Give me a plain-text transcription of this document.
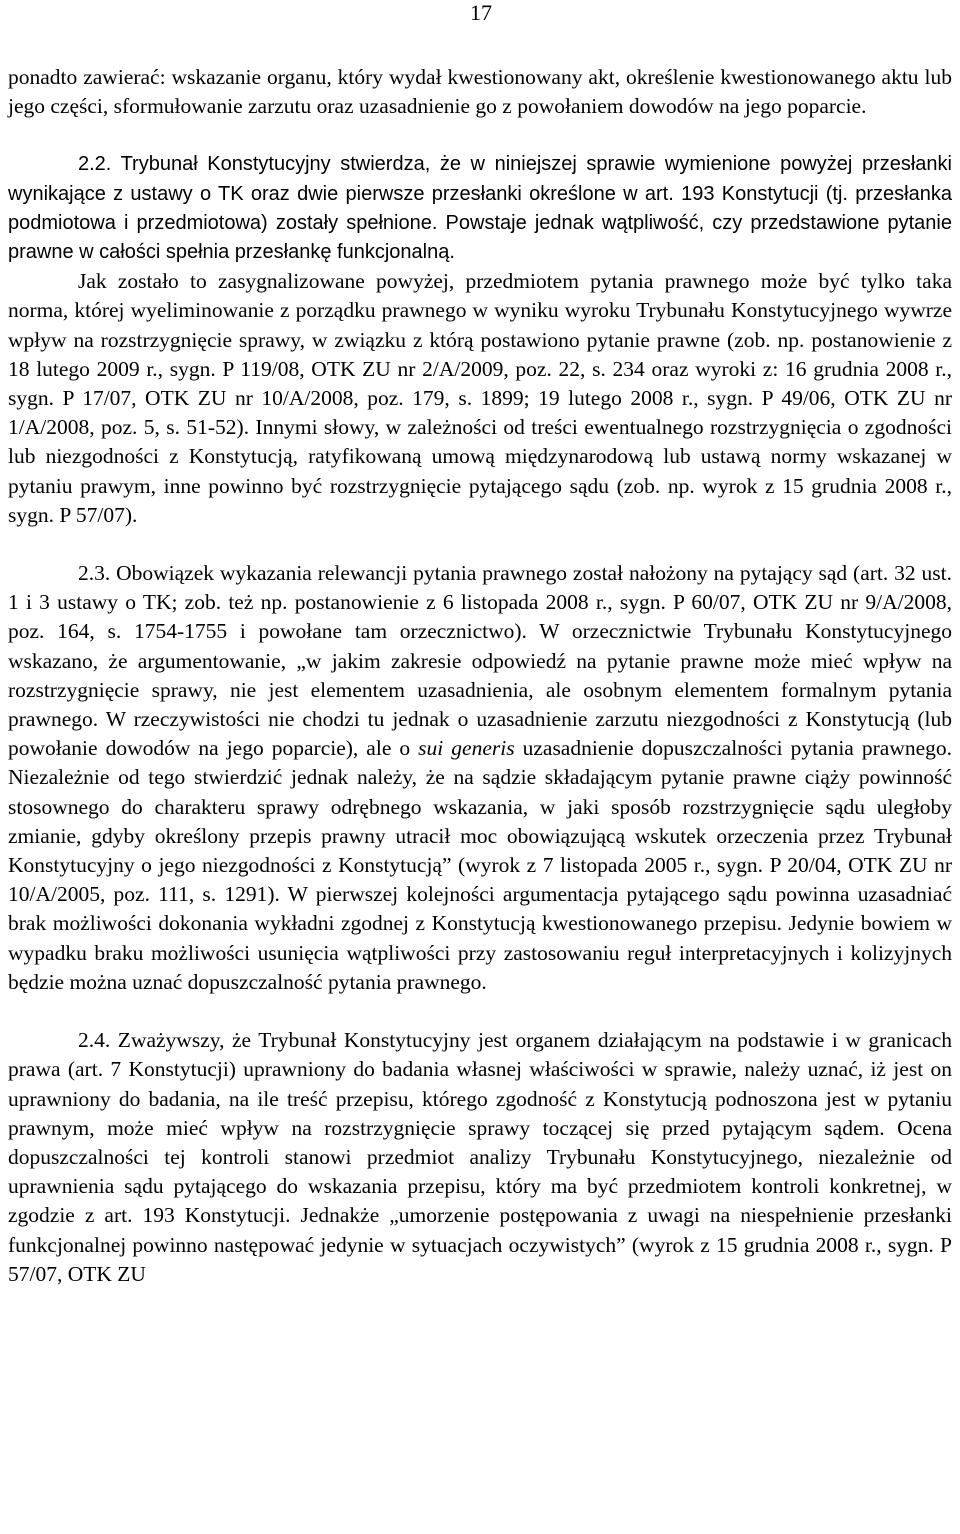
17

ponadto zawierać: wskazanie organu, który wydał kwestionowany akt, określenie kwestionowanego aktu lub jego części, sformułowanie zarzutu oraz uzasadnienie go z powołaniem dowodów na jego poparcie.

2.2. Trybunał Konstytucyjny stwierdza, że w niniejszej sprawie wymienione powyżej przesłanki wynikające z ustawy o TK oraz dwie pierwsze przesłanki określone w art. 193 Konstytucji (tj. przesłanka podmiotowa i przedmiotowa) zostały spełnione. Powstaje jednak wątpliwość, czy przedstawione pytanie prawne w całości spełnia przesłankę funkcjonalną.

Jak zostało to zasygnalizowane powyżej, przedmiotem pytania prawnego może być tylko taka norma, której wyeliminowanie z porządku prawnego w wyniku wyroku Trybunału Konstytucyjnego wywrze wpływ na rozstrzygnięcie sprawy, w związku z którą postawiono pytanie prawne (zob. np. postanowienie z 18 lutego 2009 r., sygn. P 119/08, OTK ZU nr 2/A/2009, poz. 22, s. 234 oraz wyroki z: 16 grudnia 2008 r., sygn. P 17/07, OTK ZU nr 10/A/2008, poz. 179, s. 1899; 19 lutego 2008 r., sygn. P 49/06, OTK ZU nr 1/A/2008, poz. 5, s. 51-52). Innymi słowy, w zależności od treści ewentualnego rozstrzygnięcia o zgodności lub niezgodności z Konstytucją, ratyfikowaną umową międzynarodową lub ustawą normy wskazanej w pytaniu prawym, inne powinno być rozstrzygnięcie pytającego sądu (zob. np. wyrok z 15 grudnia 2008 r., sygn. P 57/07).

2.3. Obowiązek wykazania relewancji pytania prawnego został nałożony na pytający sąd (art. 32 ust. 1 i 3 ustawy o TK; zob. też np. postanowienie z 6 listopada 2008 r., sygn. P 60/07, OTK ZU nr 9/A/2008, poz. 164, s. 1754-1755 i powołane tam orzecznictwo). W orzecznictwie Trybunału Konstytucyjnego wskazano, że argumentowanie, „w jakim zakresie odpowiedź na pytanie prawne może mieć wpływ na rozstrzygnięcie sprawy, nie jest elementem uzasadnienia, ale osobnym elementem formalnym pytania prawnego. W rzeczywistości nie chodzi tu jednak o uzasadnienie zarzutu niezgodności z Konstytucją (lub powołanie dowodów na jego poparcie), ale o sui generis uzasadnienie dopuszczalności pytania prawnego. Niezależnie od tego stwierdzić jednak należy, że na sądzie składającym pytanie prawne ciąży powinność stosownego do charakteru sprawy odrębnego wskazania, w jaki sposób rozstrzygnięcie sądu uległoby zmianie, gdyby określony przepis prawny utracił moc obowiązującą wskutek orzeczenia przez Trybunał Konstytucyjny o jego niezgodności z Konstytucją” (wyrok z 7 listopada 2005 r., sygn. P 20/04, OTK ZU nr 10/A/2005, poz. 111, s. 1291). W pierwszej kolejności argumentacja pytającego sądu powinna uzasadniać brak możliwości dokonania wykładni zgodnej z Konstytucją kwestionowanego przepisu. Jedynie bowiem w wypadku braku możliwości usunięcia wątpliwości przy zastosowaniu reguł interpretacyjnych i kolizyjnych będzie można uznać dopuszczalność pytania prawnego.

2.4. Zważywszy, że Trybunał Konstytucyjny jest organem działającym na podstawie i w granicach prawa (art. 7 Konstytucji) uprawniony do badania własnej właściwości w sprawie, należy uznać, iż jest on uprawniony do badania, na ile treść przepisu, którego zgodność z Konstytucją podnoszona jest w pytaniu prawnym, może mieć wpływ na rozstrzygnięcie sprawy toczącej się przed pytającym sądem. Ocena dopuszczalności tej kontroli stanowi przedmiot analizy Trybunału Konstytucyjnego, niezależnie od uprawnienia sądu pytającego do wskazania przepisu, który ma być przedmiotem kontroli konkretnej, w zgodzie z art. 193 Konstytucji. Jednakże „umorzenie postępowania z uwagi na niespełnienie przesłanki funkcjonalnej powinno następować jedynie w sytuacjach oczywistych” (wyrok z 15 grudnia 2008 r., sygn. P 57/07, OTK ZU
